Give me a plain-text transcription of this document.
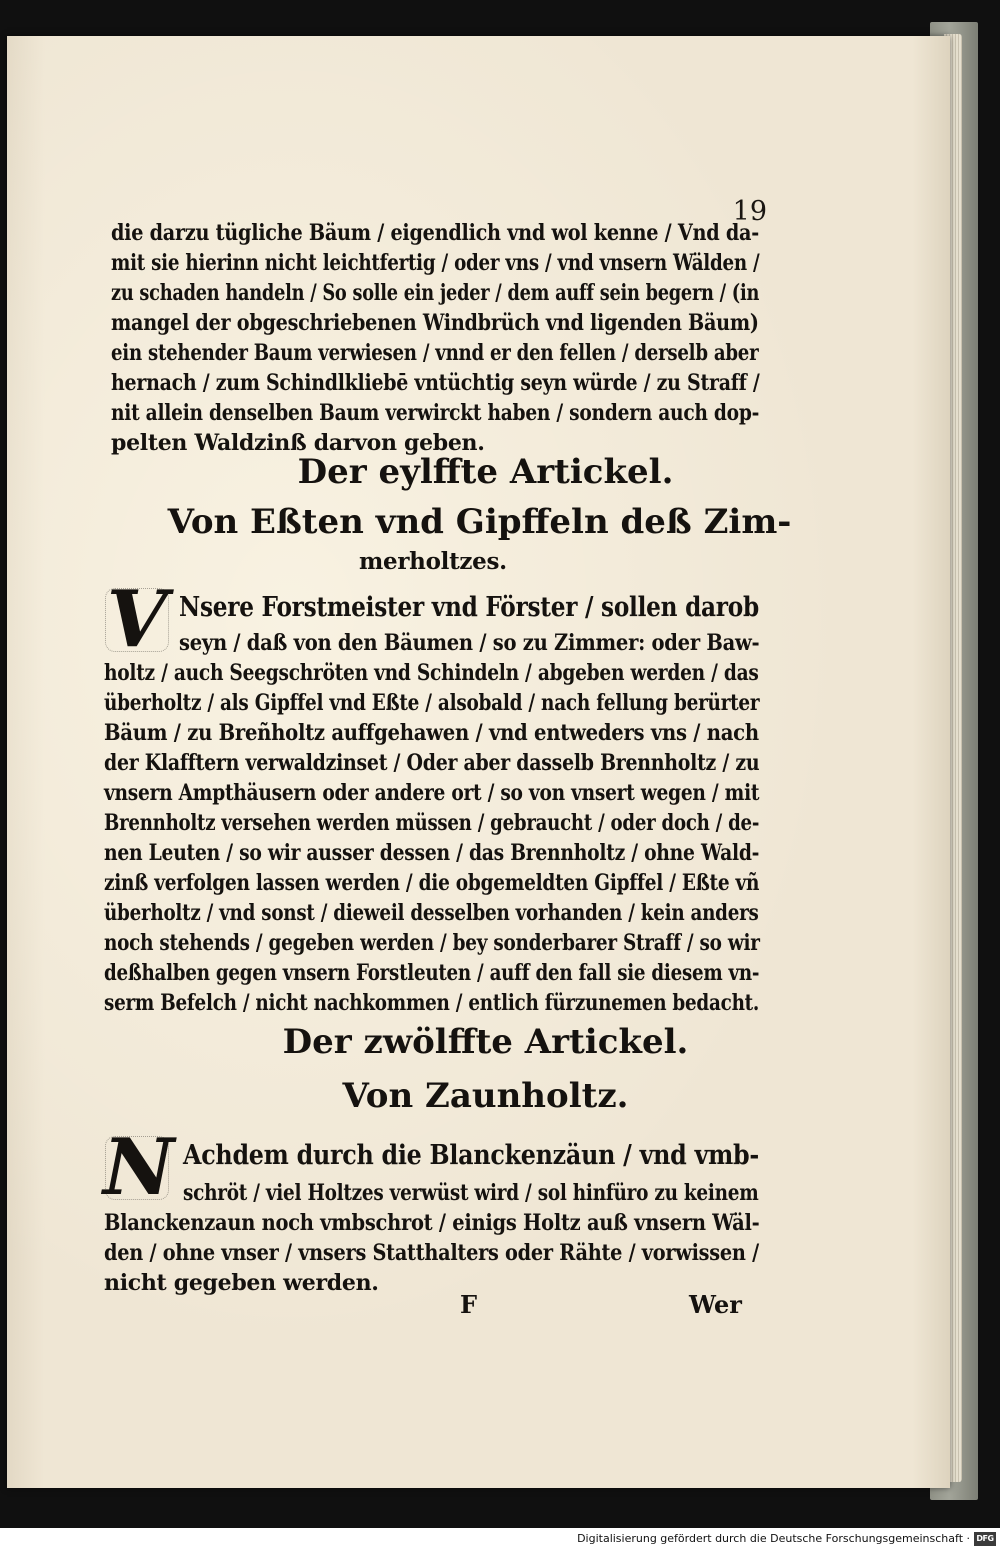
19
die darzu tügliche Bäum / eigendlich vnd wol kenne / Vnd da-
mit sie hierinn nicht leichtfertig / oder vns / vnd vnsern Wälden /
zu schaden handeln / So solle ein jeder / dem auff sein begern / (in
mangel der obgeschriebenen Windbrüch vnd ligenden Bäum)
ein stehender Baum verwiesen / vnnd er den fellen / derselb aber
hernach / zum Schindlkliebē vntüchtig seyn würde / zu Straff /
nit allein denselben Baum verwirckt haben / sondern auch dop-
pelten Waldzinß darvon geben.
Der eylffte Artickel.
Von Eßten vnd Gipffeln deß Zim-
merholtzes.
V Nsere Forstmeister vnd Förster / sollen darob
seyn / daß von den Bäumen / so zu Zimmer: oder Baw-
holtz / auch Seegschröten vnd Schindeln / abgeben werden / das
überholtz / als Gipffel vnd Eßte / alsobald / nach fellung berürter
Bäum / zu Breñholtz auffgehawen / vnd entweders vns / nach
der Klafftern verwaldzinset / Oder aber dasselb Brennholtz / zu
vnsern Ampthäusern oder andere ort / so von vnsert wegen / mit
Brennholtz versehen werden müssen / gebraucht / oder doch / de-
nen Leuten / so wir ausser dessen / das Brennholtz / ohne Wald-
zinß verfolgen lassen werden / die obgemeldten Gipffel / Eßte vñ
überholtz / vnd sonst / dieweil desselben vorhanden / kein anders
noch stehends / gegeben werden / bey sonderbarer Straff / so wir
deßhalben gegen vnsern Forstleuten / auff den fall sie diesem vn-
serm Befelch / nicht nachkommen / entlich fürzunemen bedacht.
Der zwölffte Artickel.
Von Zaunholtz.
N Achdem durch die Blanckenzäun / vnd vmb-
schröt / viel Holtzes verwüst wird / sol hinfüro zu keinem
Blanckenzaun noch vmbschrot / einigs Holtz auß vnsern Wäl-
den / ohne vnser / vnsers Statthalters oder Rähte / vorwissen /
nicht gegeben werden.
F	Wer
Digitalisierung gefördert durch die Deutsche Forschungsgemeinschaft · DFG
